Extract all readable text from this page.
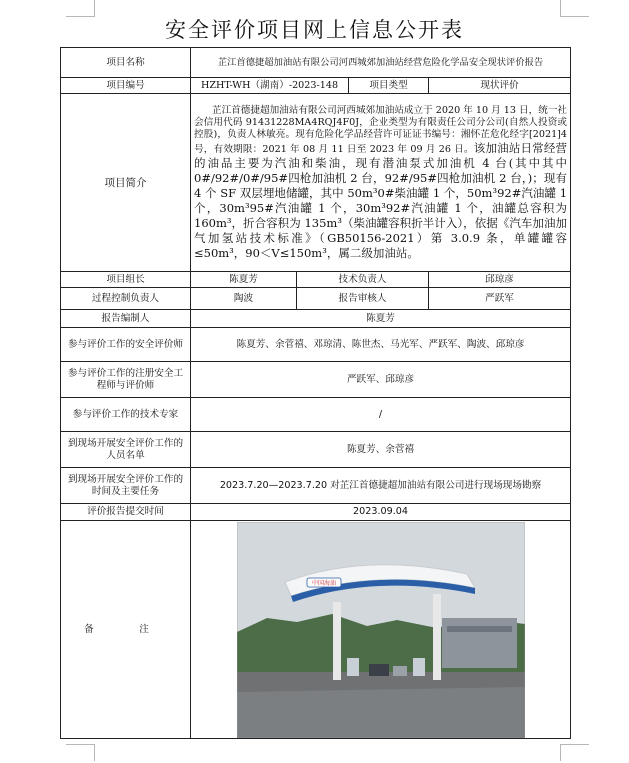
安全评价项目网上信息公开表
项目名称	芷江首德捷超加油站有限公司河西城郊加油站经营危险化学品安全现状评价报告			
项目编号	HZHT-WH（湖南）-2023-148		项目类型	现状评价
项目简介	芷江首德捷超加油站有限公司河西城郊加油站成立于 2020 年 10 月 13 日，统一社会信用代码 91431228MA4RQJ4F0J，企业类型为有限责任公司分公司(自然人投资或控股)，负责人林敏亮。现有危险化学品经营许可证证书编号：湘怀芷危化经字[2021]4号，有效期限：2021 年 08 月 11 日至 2023 年 09 月 26 日。该加油站日常经营的油品主要为汽油和柴油，现有潜油泵式加油机 4 台(其中其中 0#/92#/0#/95#四枪加油机 2 台，92#/95#四枪加油机 2 台，)；现有 4 个 SF 双层埋地储罐，其中 50m³0#柴油罐 1 个，50m³92#汽油罐 1 个，30m³95#汽油罐 1 个，30m³92#汽油罐 1 个，油罐总容积为 160m³，折合容积为 135m³（柴油罐容积折半计入），依据《汽车加油加气加氢站技术标准》（GB50156-2021）第 3.0.9 条，单罐罐容≤50m³，90＜V≤150m³，属二级加油站。			
项目组长	陈夏芳	技术负责人		邱琼彦
过程控制负责人	陶波	报告审核人		严跃军
报告编制人	陈夏芳			
参与评价工作的安全评价师	陈夏芳、余菅禧、邓琼清、陈世杰、马光军、严跃军、陶波、邱琼彦			
参与评价工作的注册安全工程师与评价师	严跃军、邱琼彦			
参与评价工作的技术专家	/			
到现场开展安全评价工作的人员名单	陈夏芳、余菅禧			
到现场开展安全评价工作的时间及主要任务	2023.7.20—2023.7.20 对芷江首德捷超加油站有限公司进行现场现场勘察			
评价报告提交时间	2023.09.04			
备　注	中国海油			
